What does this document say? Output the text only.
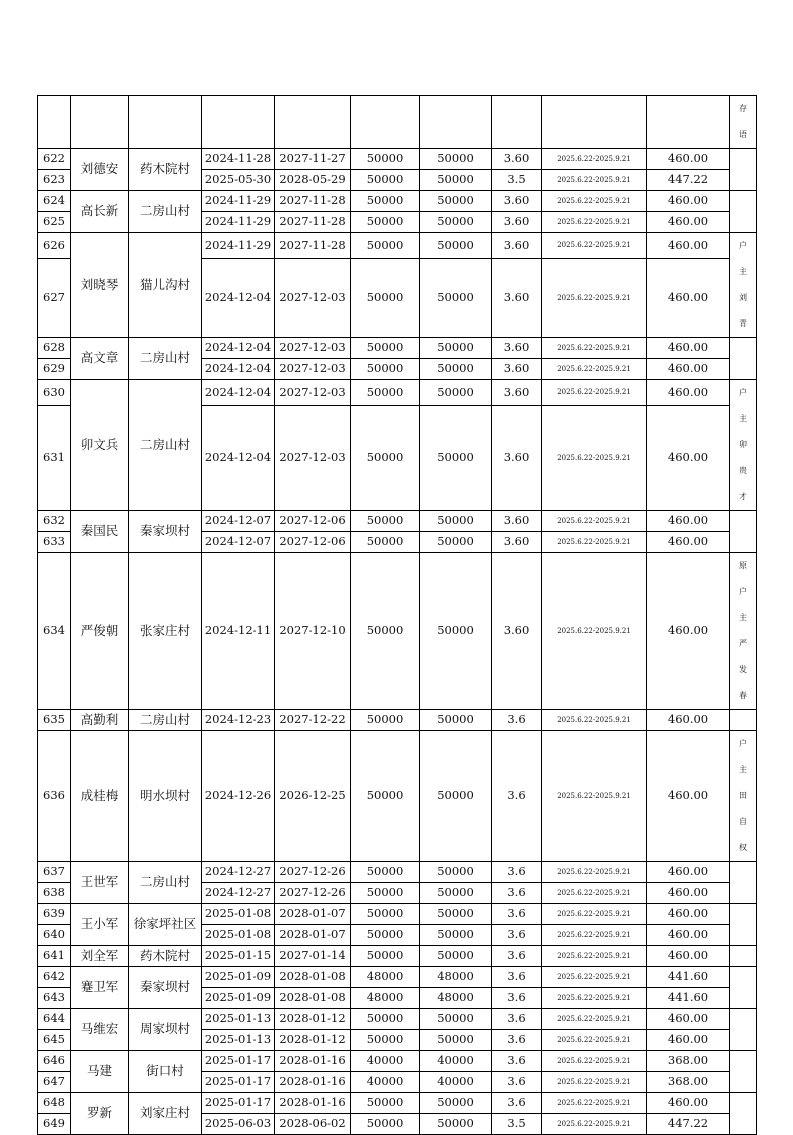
										存语
622	刘德安	药木院村	2024-11-28	2027-11-27	50000	50000	3.60	2025.6.22-2025.9.21	460.00	
623			2025-05-30	2028-05-29	50000	50000	3.5	2025.6.22-2025.9.21	447.22	
624	高长新	二房山村	2024-11-29	2027-11-28	50000	50000	3.60	2025.6.22-2025.9.21	460.00	
625			2024-11-29	2027-11-28	50000	50000	3.60	2025.6.22-2025.9.21	460.00	
626	刘晓琴	猫儿沟村	2024-11-29	2027-11-28	50000	50000	3.60	2025.6.22-2025.9.21	460.00	户主刘青
627			2024-12-04	2027-12-03	50000	50000	3.60	2025.6.22-2025.9.21	460.00	
628	高文章	二房山村	2024-12-04	2027-12-03	50000	50000	3.60	2025.6.22-2025.9.21	460.00	
629			2024-12-04	2027-12-03	50000	50000	3.60	2025.6.22-2025.9.21	460.00	
630	卯文兵	二房山村	2024-12-04	2027-12-03	50000	50000	3.60	2025.6.22-2025.9.21	460.00	户主卯贵才
631			2024-12-04	2027-12-03	50000	50000	3.60	2025.6.22-2025.9.21	460.00	
632	秦国民	秦家坝村	2024-12-07	2027-12-06	50000	50000	3.60	2025.6.22-2025.9.21	460.00	
633			2024-12-07	2027-12-06	50000	50000	3.60	2025.6.22-2025.9.21	460.00	
634	严俊朝	张家庄村	2024-12-11	2027-12-10	50000	50000	3.60	2025.6.22-2025.9.21	460.00	原户主严发春
635	高勤利	二房山村	2024-12-23	2027-12-22	50000	50000	3.6	2025.6.22-2025.9.21	460.00	
636	成桂梅	明水坝村	2024-12-26	2026-12-25	50000	50000	3.6	2025.6.22-2025.9.21	460.00	户主田自权
637	王世军	二房山村	2024-12-27	2027-12-26	50000	50000	3.6	2025.6.22-2025.9.21	460.00	
638			2024-12-27	2027-12-26	50000	50000	3.6	2025.6.22-2025.9.21	460.00	
639	王小军	徐家坪社区	2025-01-08	2028-01-07	50000	50000	3.6	2025.6.22-2025.9.21	460.00	
640			2025-01-08	2028-01-07	50000	50000	3.6	2025.6.22-2025.9.21	460.00	
641	刘全军	药木院村	2025-01-15	2027-01-14	50000	50000	3.6	2025.6.22-2025.9.21	460.00	
642	蹇卫军	秦家坝村	2025-01-09	2028-01-08	48000	48000	3.6	2025.6.22-2025.9.21	441.60	
643			2025-01-09	2028-01-08	48000	48000	3.6	2025.6.22-2025.9.21	441.60	
644	马维宏	周家坝村	2025-01-13	2028-01-12	50000	50000	3.6	2025.6.22-2025.9.21	460.00	
645			2025-01-13	2028-01-12	50000	50000	3.6	2025.6.22-2025.9.21	460.00	
646	马建	街口村	2025-01-17	2028-01-16	40000	40000	3.6	2025.6.22-2025.9.21	368.00	
647			2025-01-17	2028-01-16	40000	40000	3.6	2025.6.22-2025.9.21	368.00	
648	罗新	刘家庄村	2025-01-17	2028-01-16	50000	50000	3.6	2025.6.22-2025.9.21	460.00	
649			2025-06-03	2028-06-02	50000	50000	3.5	2025.6.22-2025.9.21	447.22	
